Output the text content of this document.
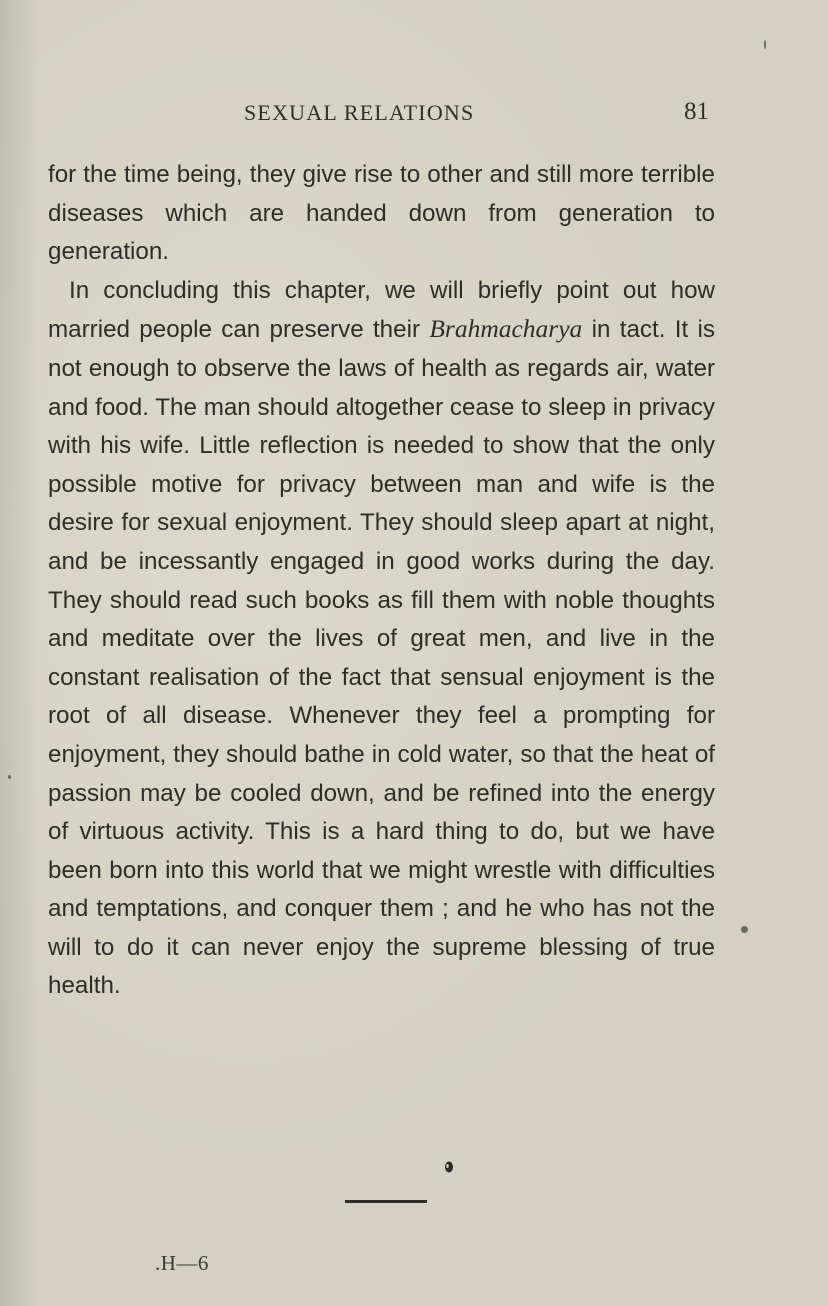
SEXUAL RELATIONS	81

for the time being, they give rise to other and still more terrible diseases which are handed down from generation to generation.

In concluding this chapter, we will briefly point out how married people can preserve their Brahmacharya in tact. It is not enough to observe the laws of health as regards air, water and food. The man should altogether cease to sleep in privacy with his wife. Little reflection is needed to show that the only possible motive for privacy between man and wife is the desire for sexual enjoyment. They should sleep apart at night, and be incessantly engaged in good works during the day. They should read such books as fill them with noble thoughts and meditate over the lives of great men, and live in the constant realisation of the fact that sensual enjoyment is the root of all disease. Whenever they feel a prompting for enjoyment, they should bathe in cold water, so that the heat of passion may be cooled down, and be refined into the energy of virtuous activity. This is a hard thing to do, but we have been born into this world that we might wrestle with difficulties and temptations, and conquer them ; and he who has not the will to do it can never enjoy the supreme blessing of true health.

.H—6
